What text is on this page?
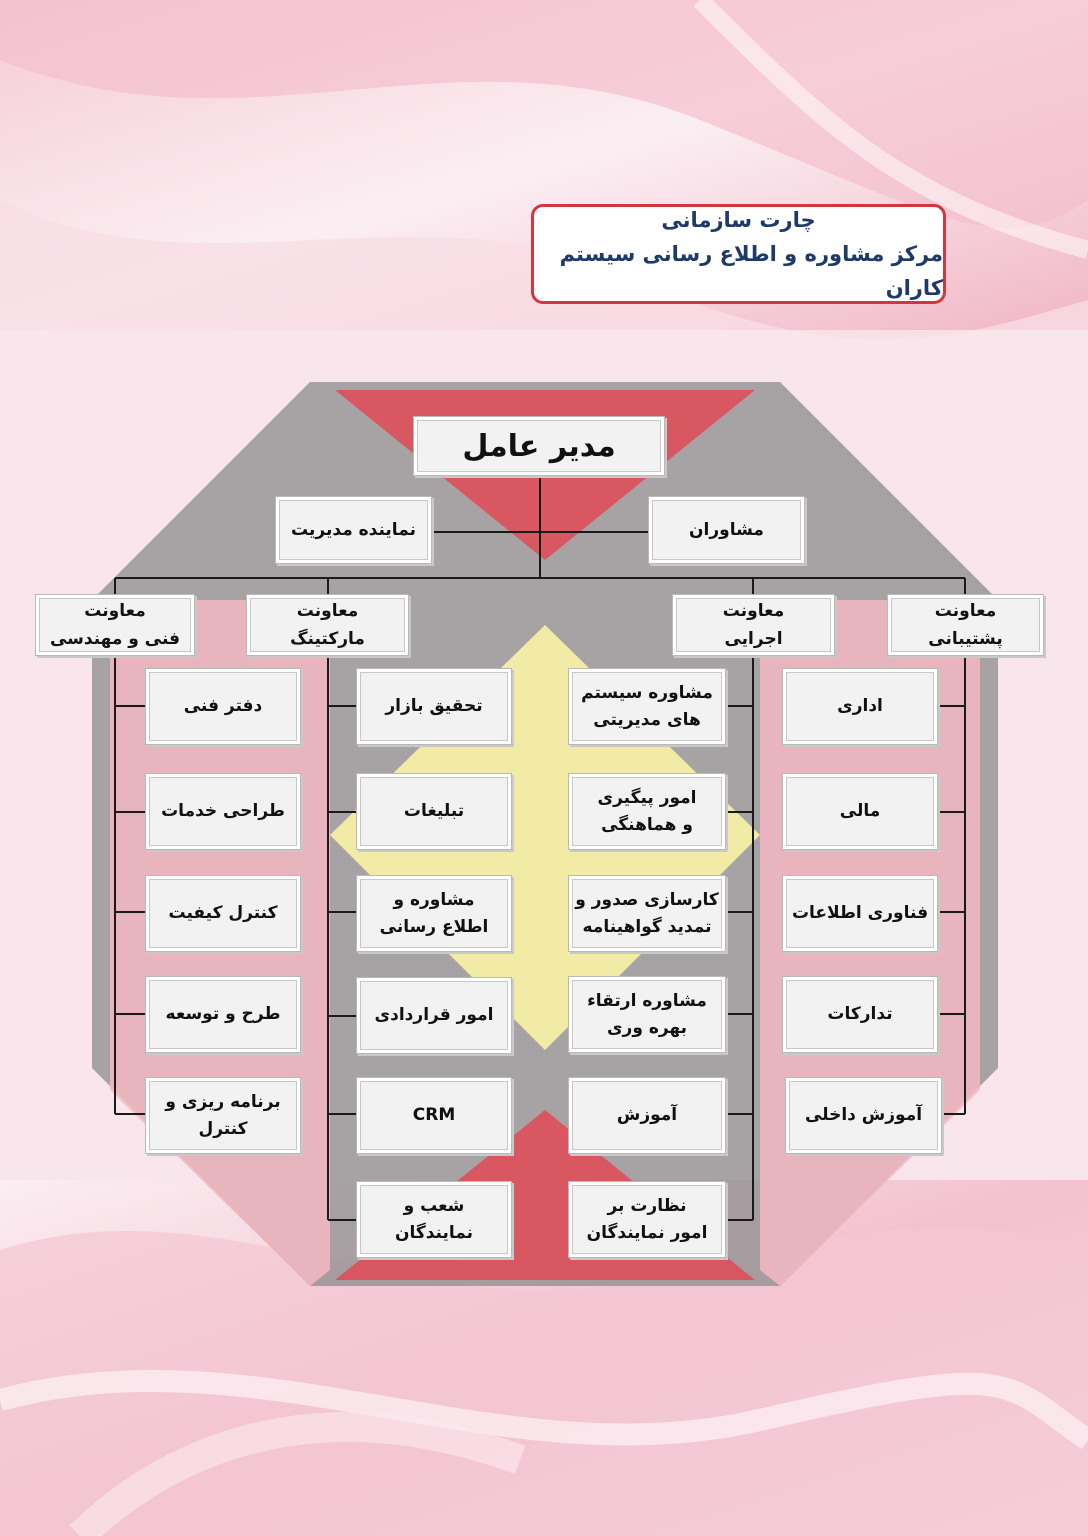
چارت سازمانی
مرکز مشاوره و اطلاع رسانی سیستم کاران
مدیر عامل
نماینده مدیریت	مشاوران
معاونت
فنی و مهندسی
معاونت
مارکتینگ
معاونت
اجرایی
معاونت
پشتیبانی
دفتر فنی
طراحی خدمات
کنترل کیفیت
طرح و توسعه
برنامه ریزی و
کنترل
تحقیق بازار
تبلیغات
مشاوره و
اطلاع رسانی
امور قراردادی
CRM
شعب و
نمایندگان
مشاوره سیستم
های مدیریتی
امور پیگیری
و هماهنگی
کارسازی صدور و
تمدید گواهینامه
مشاوره ارتقاء
بهره وری
آموزش
نظارت بر
امور نمایندگان
اداری
مالی
فناوری اطلاعات
تدارکات
آموزش داخلی
